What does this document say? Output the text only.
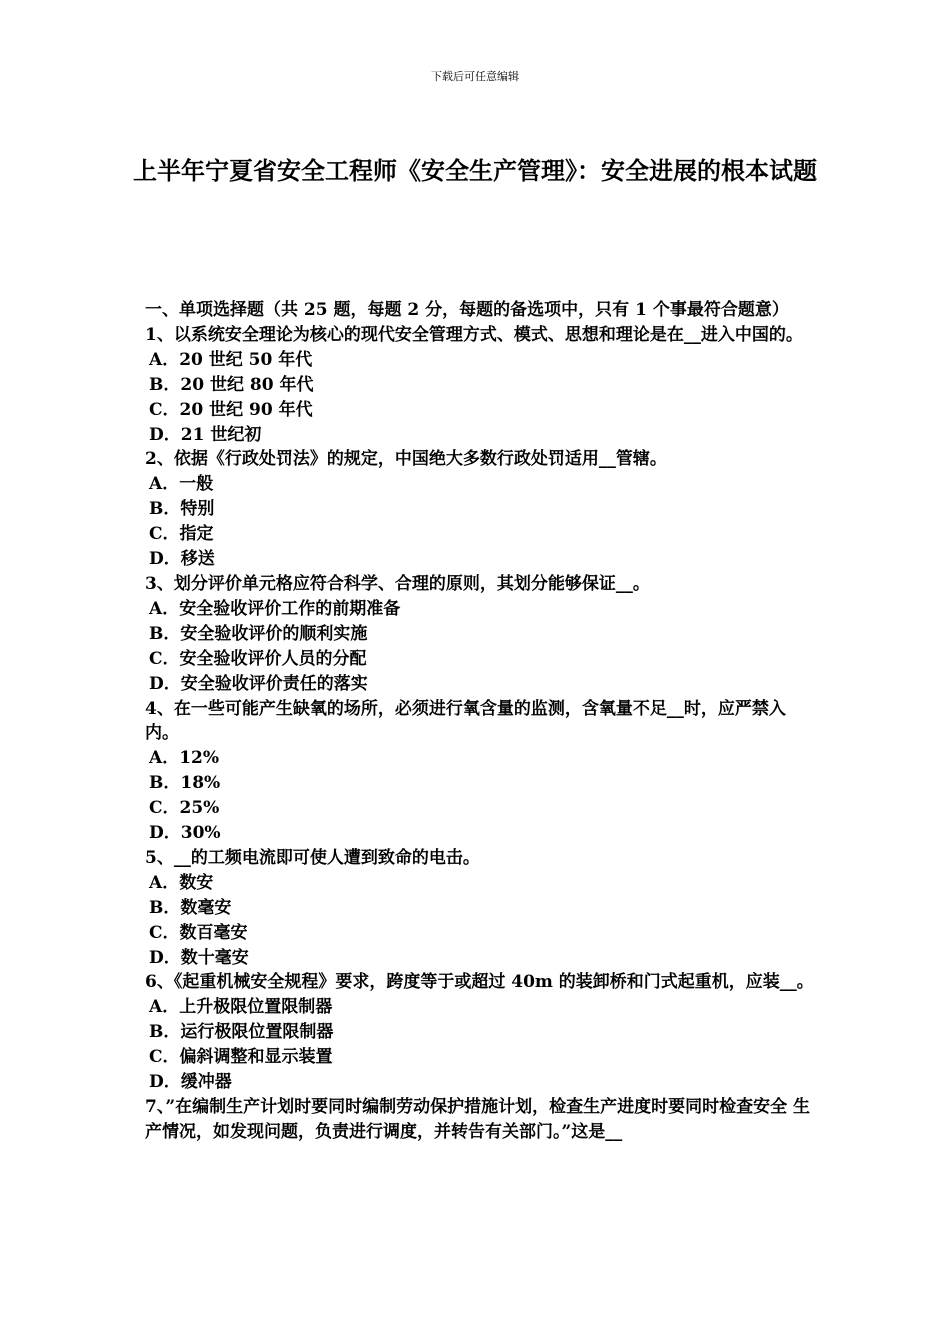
下载后可任意编辑
上半年宁夏省安全工程师《安全生产管理》：安全进展的根本试题

一、单项选择题（共 25 题，每题 2 分，每题的备选项中，只有 1 个事最符合题意）

1、以系统安全理论为核心的现代安全管理方式、模式、思想和理论是在__进入中国的。

A．20 世纪 50 年代

B．20 世纪 80 年代

C．20 世纪 90 年代

D．21 世纪初

2、依据《行政处罚法》的规定，中国绝大多数行政处罚适用__管辖。

A．一般

B．特别

C．指定

D．移送

3、划分评价单元格应符合科学、合理的原则，其划分能够保证__。

A．安全验收评价工作的前期准备

B．安全验收评价的顺利实施

C．安全验收评价人员的分配

D．安全验收评价责任的落实

4、在一些可能产生缺氧的场所，必须进行氧含量的监测，含氧量不足__时，应严禁入内。

A．12%

B．18%

C．25%

D．30%

5、__的工频电流即可使人遭到致命的电击。

A．数安

B．数毫安

C．数百毫安

D．数十毫安

6、《起重机械安全规程》要求，跨度等于或超过 40m 的装卸桥和门式起重机，应装__。

A．上升极限位置限制器

B．运行极限位置限制器

C．偏斜调整和显示装置

D．缓冲器

7、”在编制生产计划时要同时编制劳动保护措施计划，检查生产进度时要同时检查安全 生产情况，如发现问题，负责进行调度，并转告有关部门。”这是__
